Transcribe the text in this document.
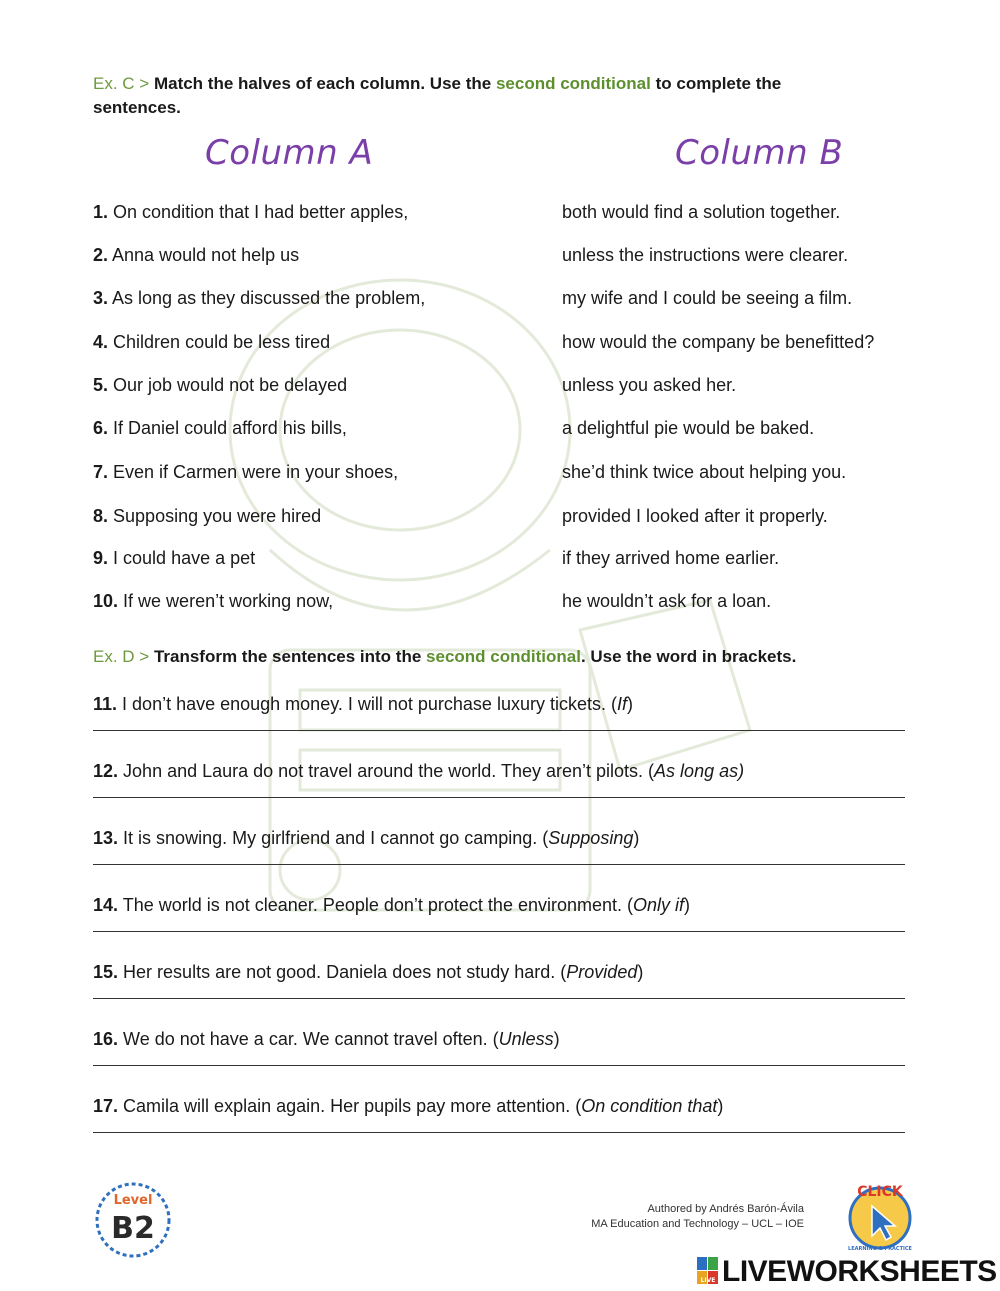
Ex. C > Match the halves of each column. Use the second conditional to complete the sentences.
Column A	Column B
1. On condition that I had better apples,
2. Anna would not help us
3. As long as they discussed the problem,
4. Children could be less tired
5. Our job would not be delayed
6. If Daniel could afford his bills,
7. Even if Carmen were in your shoes,
8. Supposing you were hired
9. I could have a pet
10. If we weren’t working now,
both would find a solution together.
unless the instructions were clearer.
my wife and I could be seeing a film.
how would the company be benefitted?
unless you asked her.
a delightful pie would be baked.
she’d think twice about helping you.
provided I looked after it properly.
if they arrived home earlier.
he wouldn’t ask for a loan.
Ex. D > Transform the sentences into the second conditional. Use the word in brackets.
11. I don’t have enough money. I will not purchase luxury tickets. (If)
12. John and Laura do not travel around the world. They aren’t pilots. (As long as)
13. It is snowing. My girlfriend and I cannot go camping. (Supposing)
14. The world is not cleaner. People don’t protect the environment. (Only if)
15. Her results are not good. Daniela does not study hard. (Provided)
16. We do not have a car. We cannot travel often. (Unless)
17. Camila will explain again. Her pupils pay more attention. (On condition that)
Level
B2
Authored by Andrés Barón-Ávila
MA Education and Technology – UCL – IOE
CLICK
LEARNING & PRACTICE
LIVE LIVEWORKSHEETS
